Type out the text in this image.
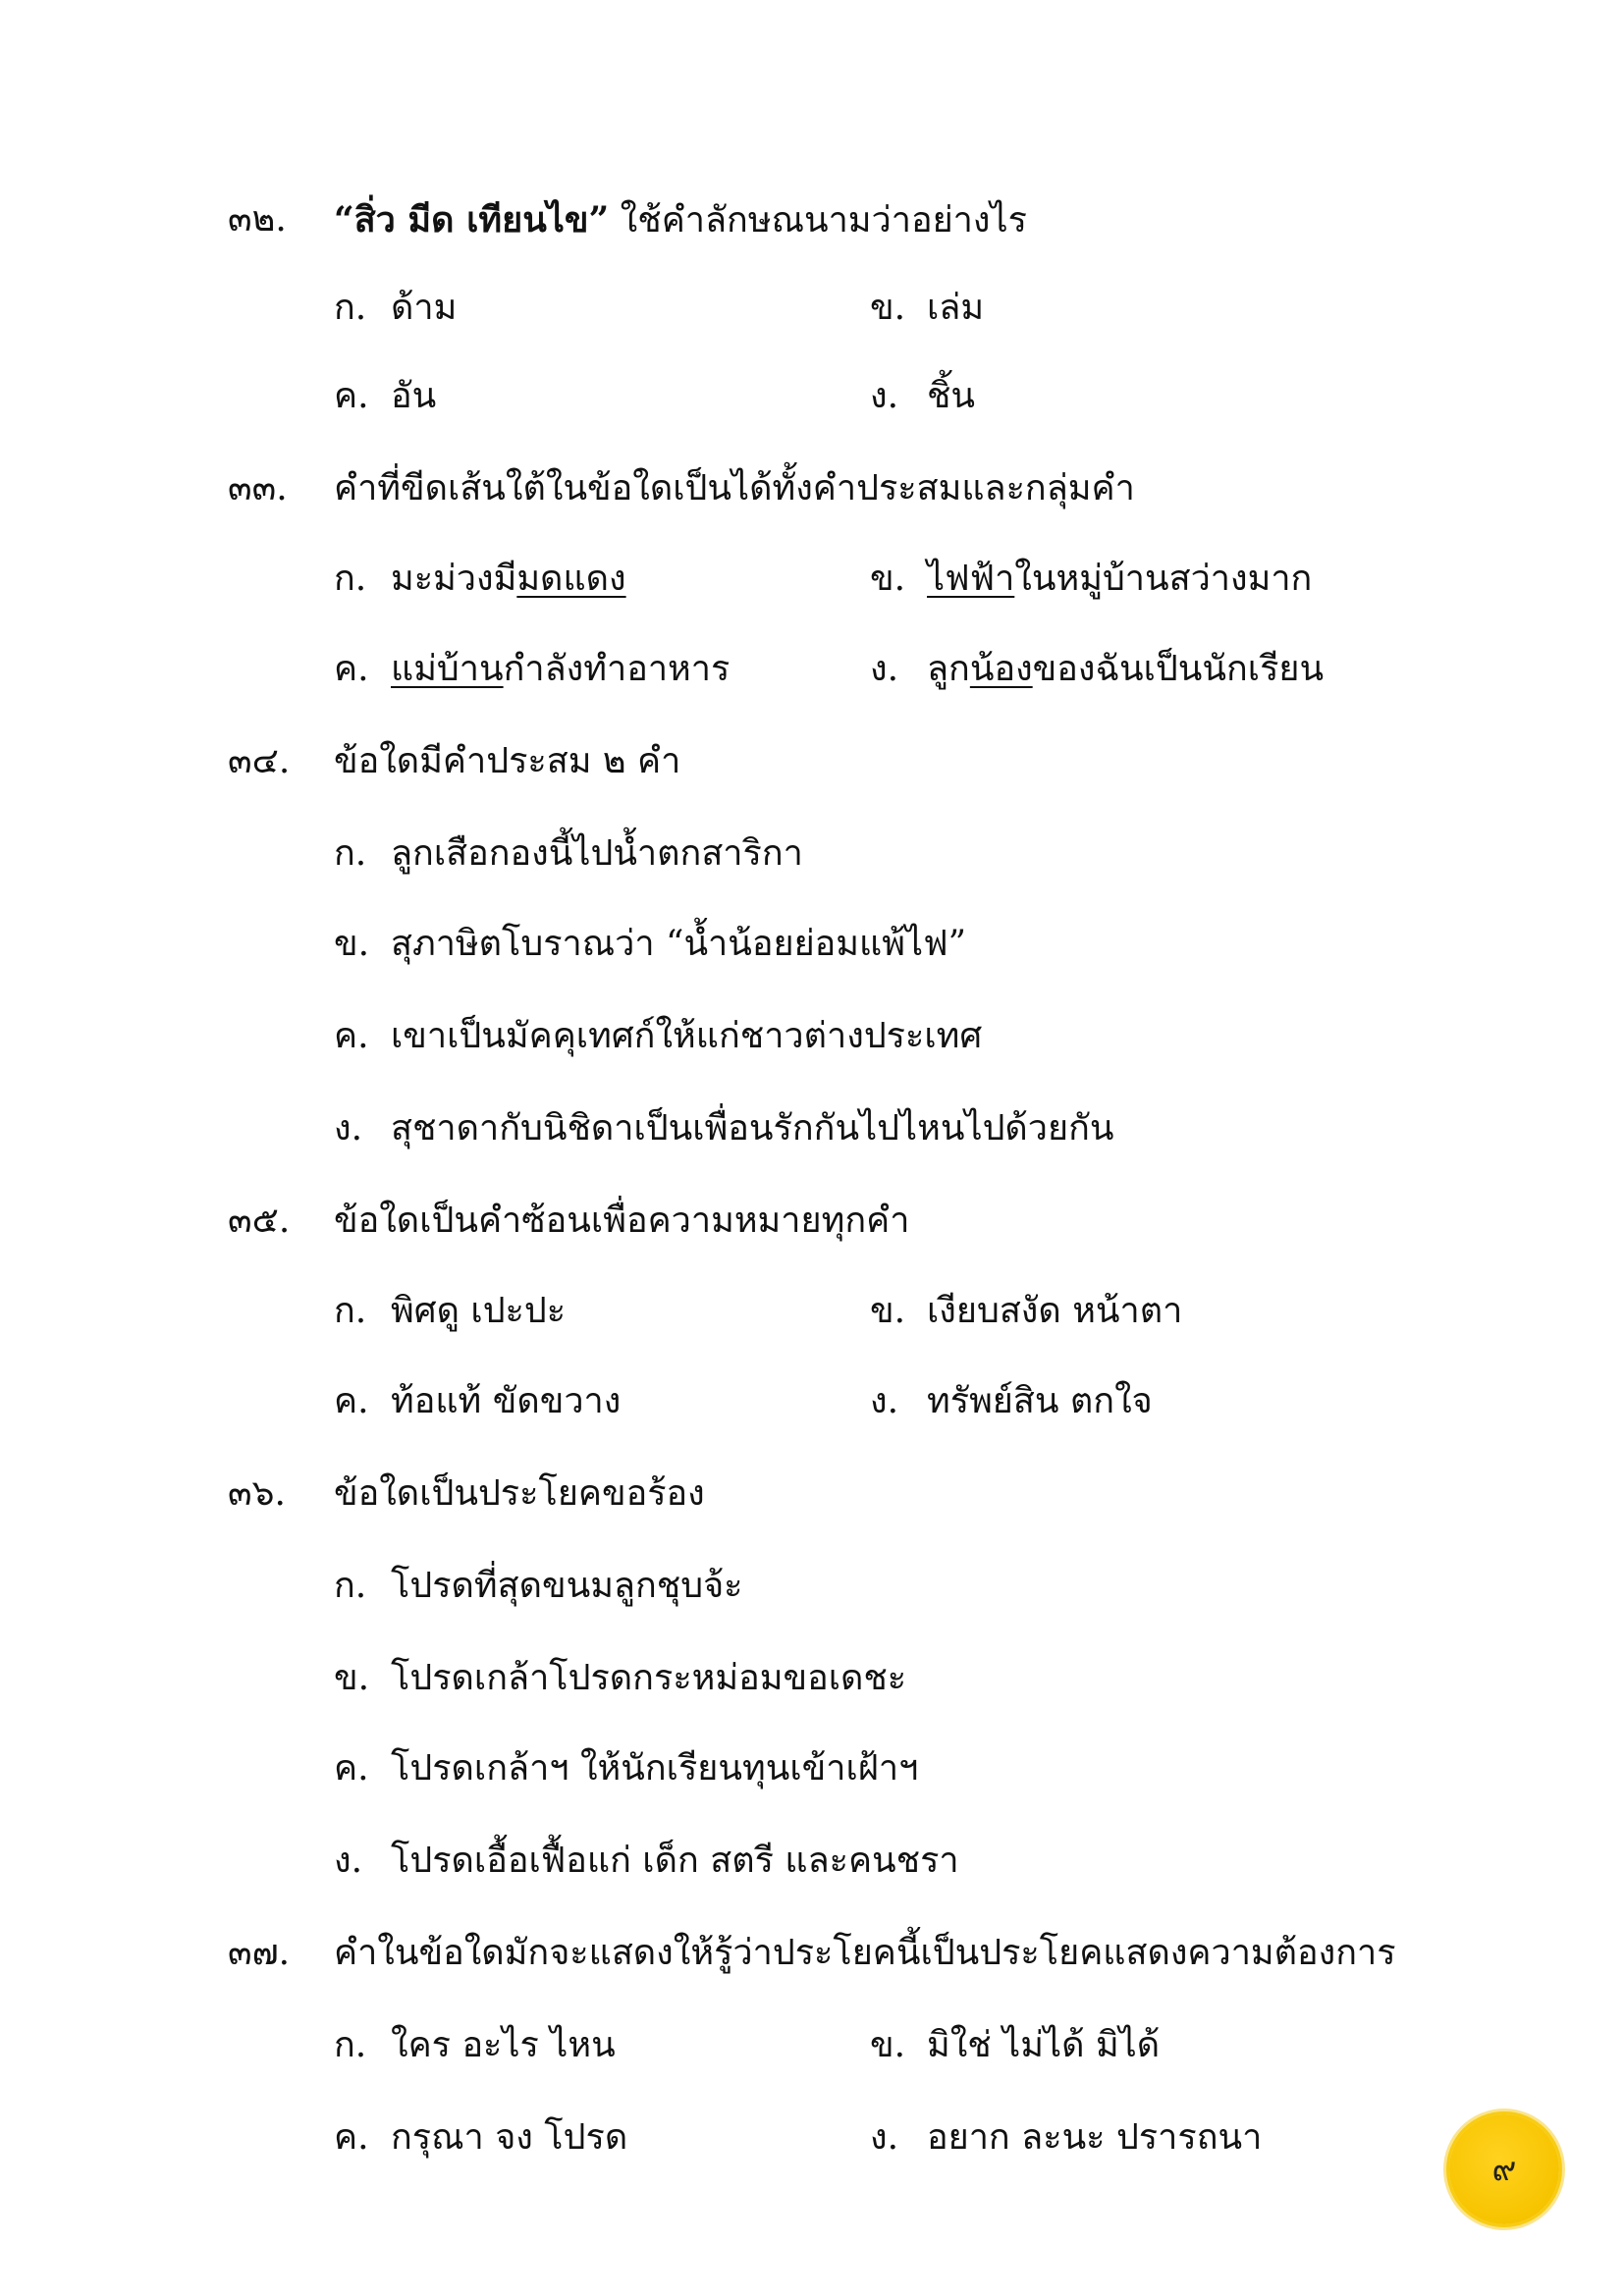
๓๒.	“สิ่ว มีด เทียนไข” ใช้คำลักษณนามว่าอย่างไร
ก. ด้าม	ข. เล่ม
ค. อัน	ง. ชิ้น
๓๓.	คำที่ขีดเส้นใต้ในข้อใดเป็นได้ทั้งคำประสมและกลุ่มคำ
ก. มะม่วงมีมดแดง	ข. ไฟฟ้าในหมู่บ้านสว่างมาก
ค. แม่บ้านกำลังทำอาหาร	ง. ลูกน้องของฉันเป็นนักเรียน
๓๔.	ข้อใดมีคำประสม ๒ คำ
ก. ลูกเสือกองนี้ไปน้ำตกสาริกา
ข. สุภาษิตโบราณว่า “น้ำน้อยย่อมแพ้ไฟ”
ค. เขาเป็นมัคคุเทศก์ให้แก่ชาวต่างประเทศ
ง. สุชาดากับนิชิดาเป็นเพื่อนรักกันไปไหนไปด้วยกัน
๓๕.	ข้อใดเป็นคำซ้อนเพื่อความหมายทุกคำ
ก. พิศดู เปะปะ	ข. เงียบสงัด หน้าตา
ค. ท้อแท้ ขัดขวาง	ง. ทรัพย์สิน ตกใจ
๓๖.	ข้อใดเป็นประโยคขอร้อง
ก. โปรดที่สุดขนมลูกชุบจ้ะ
ข. โปรดเกล้าโปรดกระหม่อมขอเดชะ
ค. โปรดเกล้าฯ ให้นักเรียนทุนเข้าเฝ้าฯ
ง. โปรดเอื้อเฟื้อแก่ เด็ก สตรี และคนชรา
๓๗.	คำในข้อใดมักจะแสดงให้รู้ว่าประโยคนี้เป็นประโยคแสดงความต้องการ
ก. ใคร อะไร ไหน	ข. มิใช่ ไม่ได้ มิได้
ค. กรุณา จง โปรด	ง. อยาก ละนะ ปรารถนา
๙
